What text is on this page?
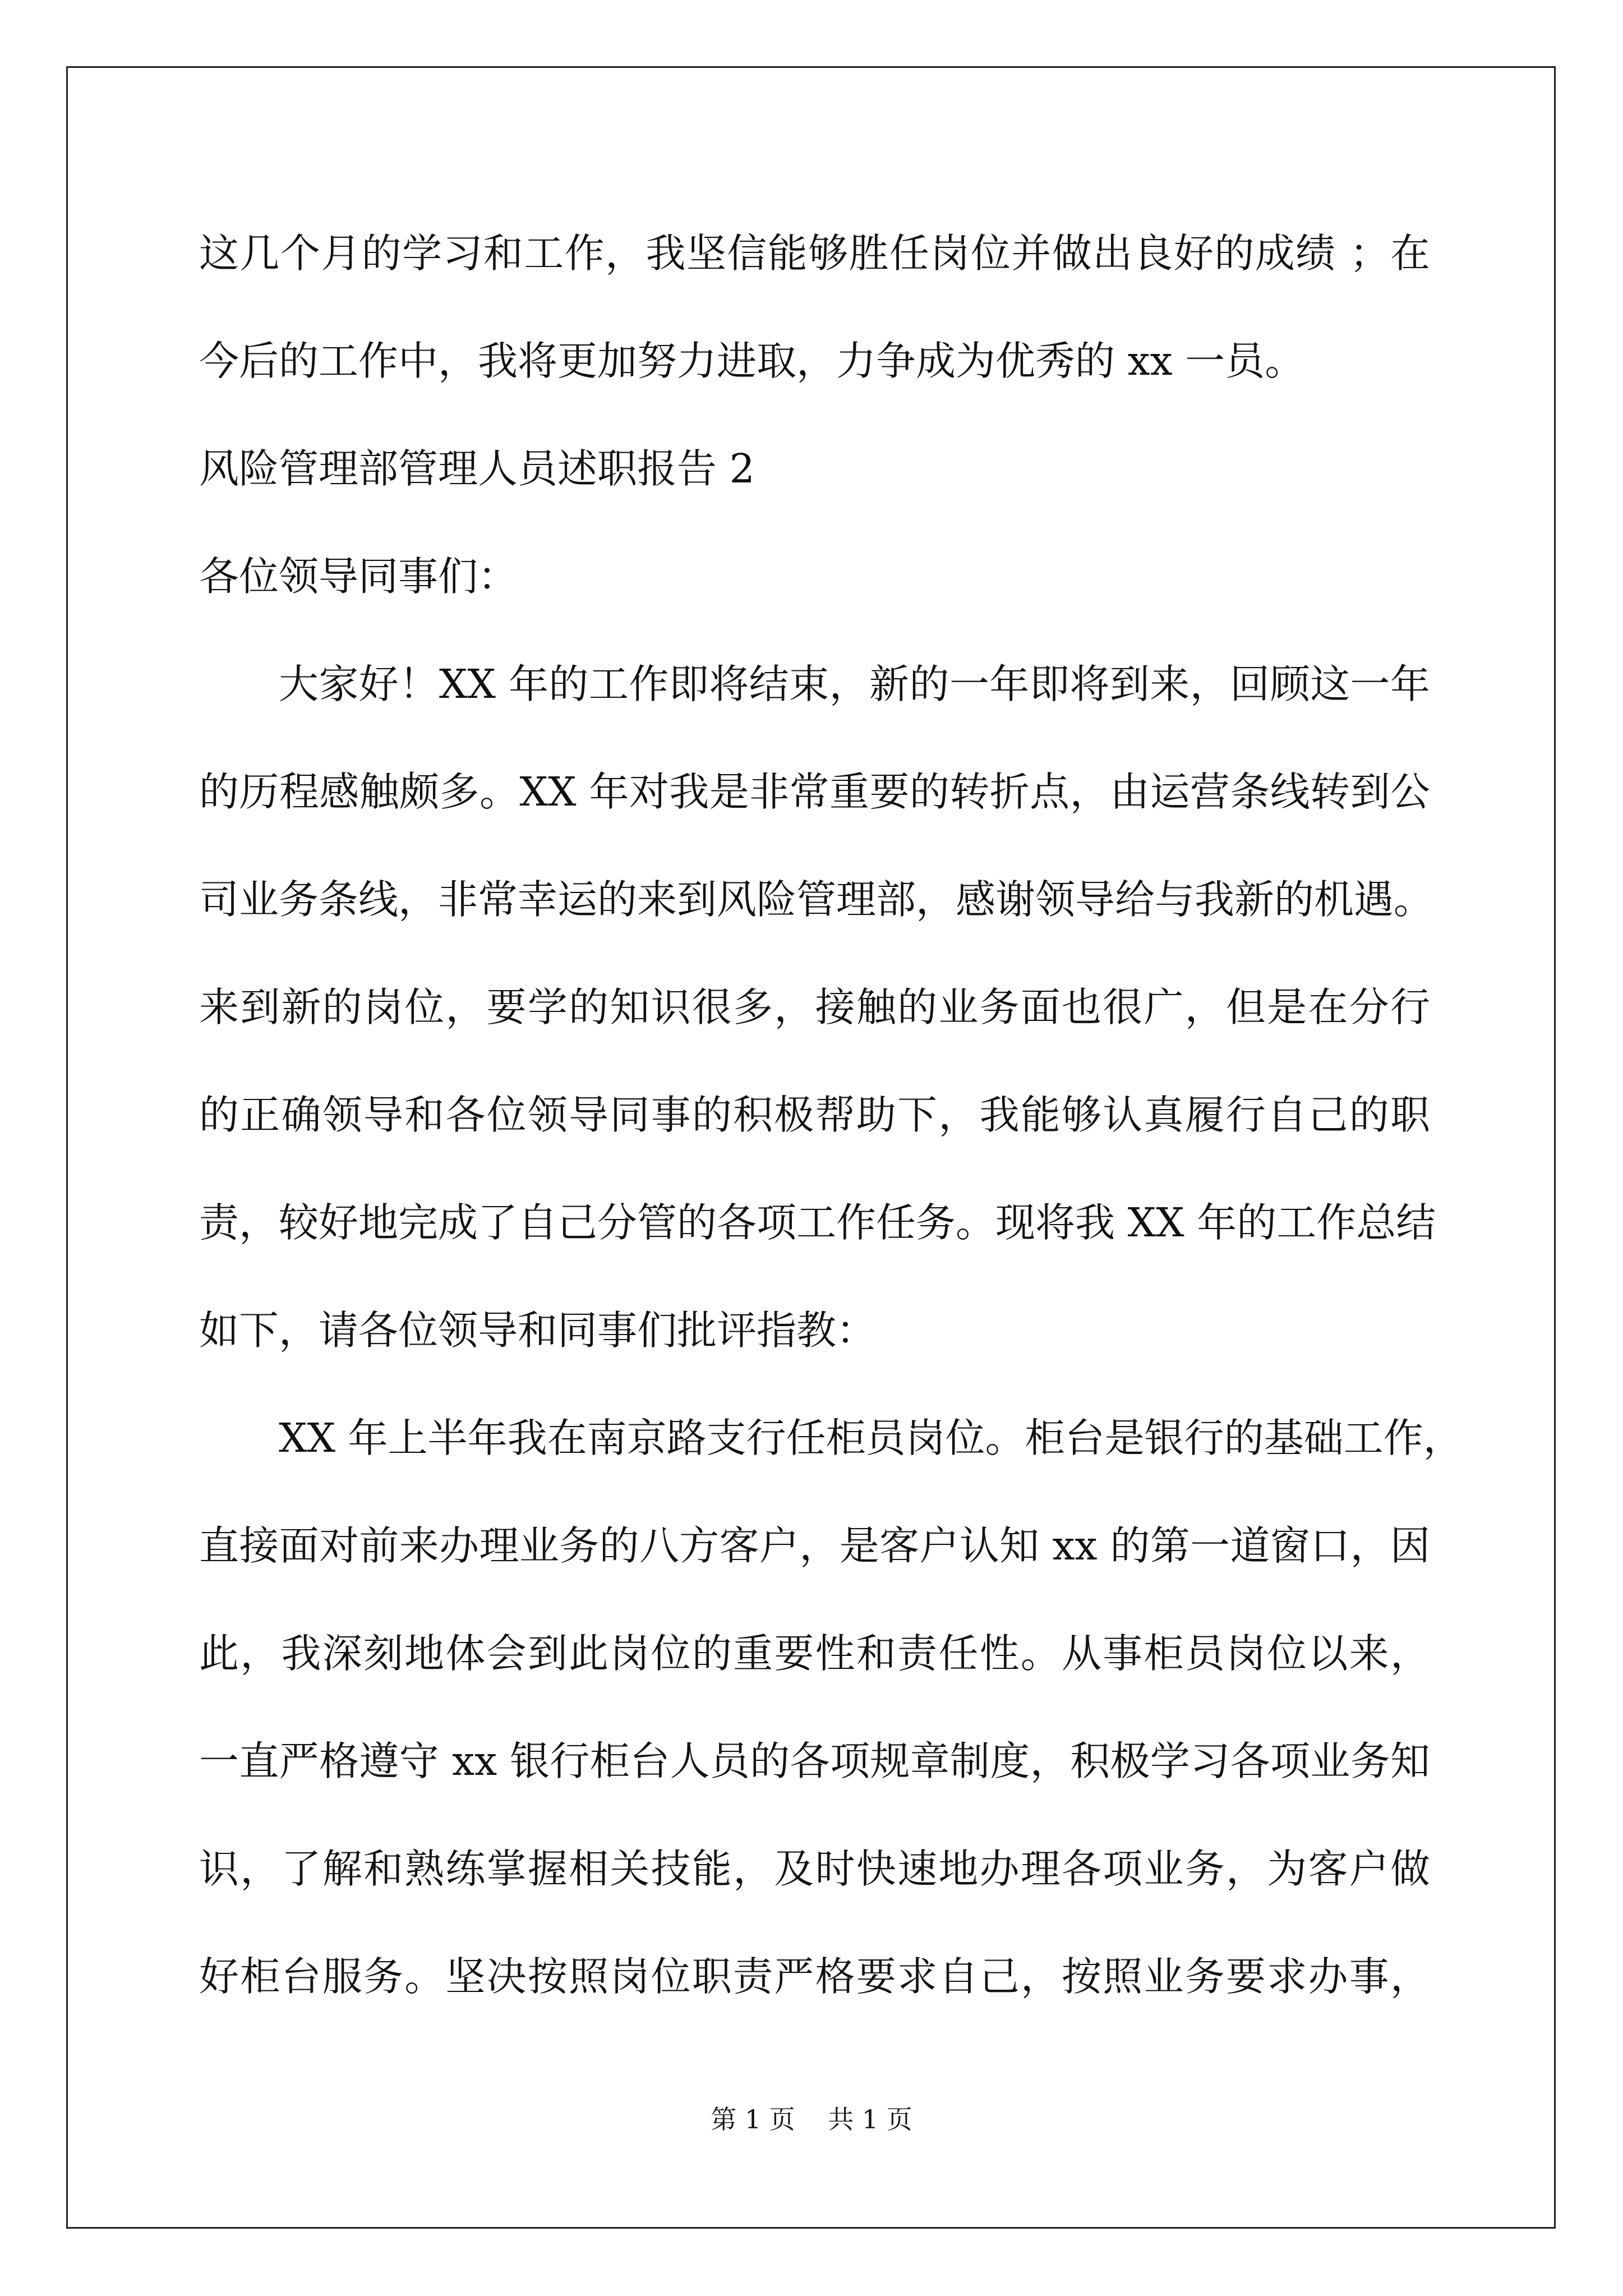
这几个月的学习和工作，我坚信能够胜任岗位并做出良好的成绩 ；在
今后的工作中，我将更加努力进取，力争成为优秀的 xx 一员。
风险管理部管理人员述职报告 2
各位领导同事们：
大家好！XX 年的工作即将结束，新的一年即将到来，回顾这一年
的历程感触颇多。XX 年对我是非常重要的转折点，由运营条线转到公
司业务条线，非常幸运的来到风险管理部，感谢领导给与我新的机遇。
来到新的岗位，要学的知识很多，接触的业务面也很广，但是在分行
的正确领导和各位领导同事的积极帮助下，我能够认真履行自己的职
责，较好地完成了自己分管的各项工作任务。现将我 XX 年的工作总结
如下，请各位领导和同事们批评指教：
XX 年上半年我在南京路支行任柜员岗位。柜台是银行的基础工作，
直接面对前来办理业务的八方客户，是客户认知 xx 的第一道窗口，因
此，我深刻地体会到此岗位的重要性和责任性。从事柜员岗位以来，
一直严格遵守 xx 银行柜台人员的各项规章制度，积极学习各项业务知
识，了解和熟练掌握相关技能，及时快速地办理各项业务，为客户做
好柜台服务。坚决按照岗位职责严格要求自己，按照业务要求办事，
第 1 页    共 1 页
